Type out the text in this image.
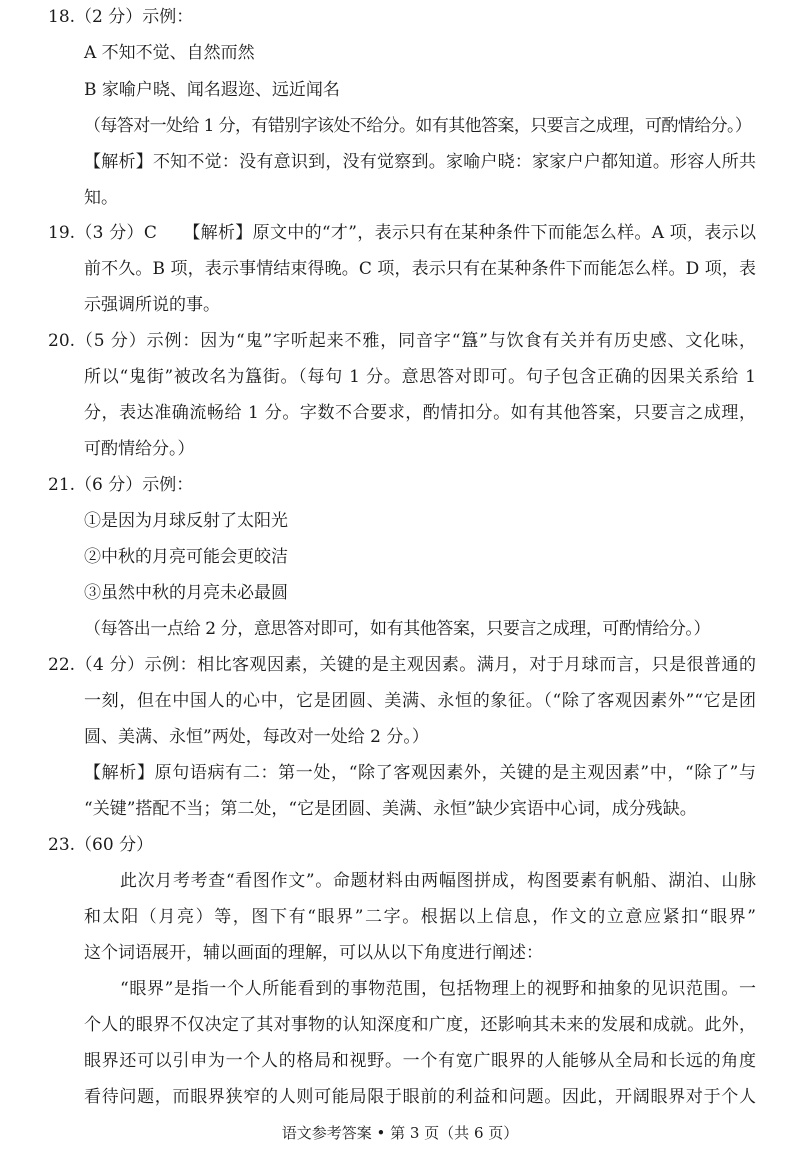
18.（2 分）示例：
A 不知不觉、自然而然
B 家喻户晓、闻名遐迩、远近闻名
（每答对一处给 1 分，有错别字该处不给分。如有其他答案，只要言之成理，可酌情给分。）
【解析】不知不觉：没有意识到，没有觉察到。家喻户晓：家家户户都知道。形容人所共
知。
19.（3 分）C　　【解析】原文中的“才”，表示只有在某种条件下而能怎么样。A 项，表示以
前不久。B 项，表示事情结束得晚。C 项，表示只有在某种条件下而能怎么样。D 项，表
示强调所说的事。
20.（5 分）示例：因为“鬼”字听起来不雅，同音字“簋”与饮食有关并有历史感、文化味，
所以“鬼街”被改名为簋街。（每句 1 分。意思答对即可。句子包含正确的因果关系给 1
分，表达准确流畅给 1 分。字数不合要求，酌情扣分。如有其他答案，只要言之成理，
可酌情给分。）
21.（6 分）示例：
①是因为月球反射了太阳光
②中秋的月亮可能会更皎洁
③虽然中秋的月亮未必最圆
（每答出一点给 2 分，意思答对即可，如有其他答案，只要言之成理，可酌情给分。）
22.（4 分）示例：相比客观因素，关键的是主观因素。满月，对于月球而言，只是很普通的
一刻，但在中国人的心中，它是团圆、美满、永恒的象征。（“除了客观因素外”“它是团
圆、美满、永恒”两处，每改对一处给 2 分。）
【解析】原句语病有二：第一处，“除了客观因素外，关键的是主观因素”中，“除了”与
“关键”搭配不当；第二处，“它是团圆、美满、永恒”缺少宾语中心词，成分残缺。
23.（60 分）
此次月考考查“看图作文”。命题材料由两幅图拼成，构图要素有帆船、湖泊、山脉
和太阳（月亮）等，图下有“眼界”二字。根据以上信息，作文的立意应紧扣“眼界”
这个词语展开，辅以画面的理解，可以从以下角度进行阐述：
“眼界”是指一个人所能看到的事物范围，包括物理上的视野和抽象的见识范围。一
个人的眼界不仅决定了其对事物的认知深度和广度，还影响其未来的发展和成就。此外，
眼界还可以引申为一个人的格局和视野。一个有宽广眼界的人能够从全局和长远的角度
看待问题，而眼界狭窄的人则可能局限于眼前的利益和问题。因此，开阔眼界对于个人
语文参考答案 • 第 3 页（共 6 页）
